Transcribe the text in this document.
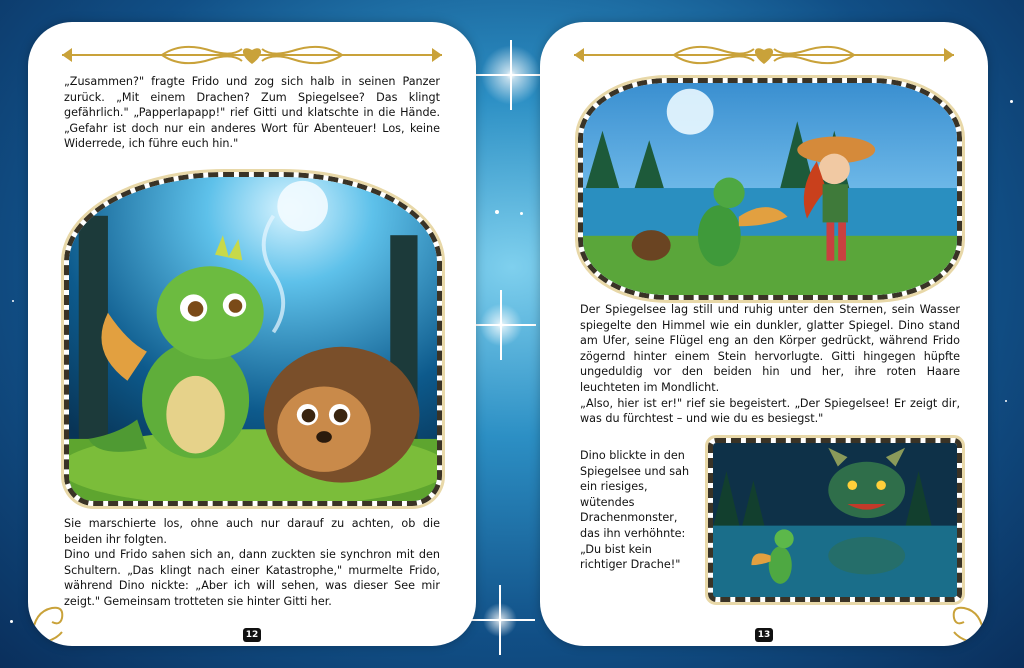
„Zusammen?" fragte Frido und zog sich halb in seinen Panzer zurück. „Mit einem Drachen? Zum Spiegelsee? Das klingt gefährlich." „Papperlapapp!" rief Gitti und klatschte in die Hände. „Gefahr ist doch nur ein anderes Wort für Abenteuer! Los, keine Widerrede, ich führe euch hin."

Sie marschierte los, ohne auch nur darauf zu achten, ob die beiden ihr folgten.

Dino und Frido sahen sich an, dann zuckten sie synchron mit den Schultern. „Das klingt nach einer Katastrophe," murmelte Frido, während Dino nickte: „Aber ich will sehen, was dieser See mir zeigt." Gemeinsam trotteten sie hinter Gitti her.

12

Der Spiegelsee lag still und ruhig unter den Sternen, sein Wasser spiegelte den Himmel wie ein dunkler, glatter Spiegel. Dino stand am Ufer, seine Flügel eng an den Körper gedrückt, während Frido zögernd hinter einem Stein hervorlugte. Gitti hingegen hüpfte ungeduldig vor den beiden hin und her, ihre roten Haare leuchteten im Mondlicht.

„Also, hier ist er!" rief sie begeistert. „Der Spiegelsee! Er zeigt dir, was du fürchtest – und wie du es besiegst."

Dino blickte in den Spiegelsee und sah ein riesiges, wütendes Drachenmonster, das ihn verhöhnte: „Du bist kein richtiger Drache!"

13
